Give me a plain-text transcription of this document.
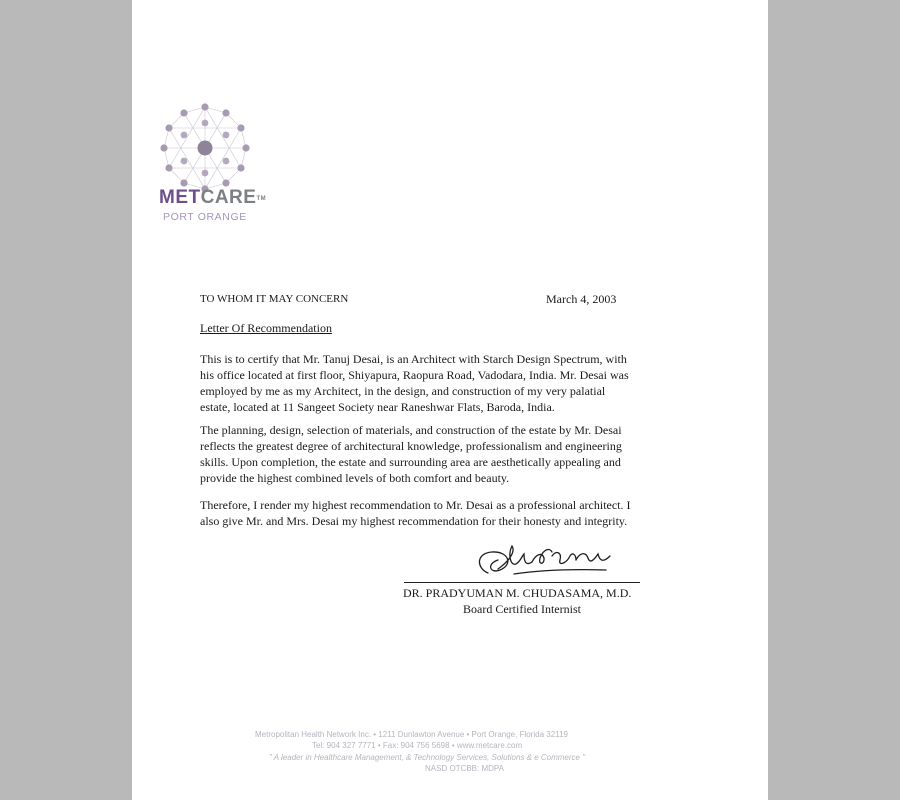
METCARE™

PORT ORANGE

TO WHOM IT MAY CONCERN	March 4, 2003

Letter Of Recommendation

This is to certify that Mr. Tanuj Desai, is an Architect with Starch Design Spectrum, with his office located at first floor, Shiyapura, Raopura Road, Vadodara, India. Mr. Desai was employed by me as my Architect, in the design, and construction of my very palatial estate, located at 11 Sangeet Society near Raneshwar Flats, Baroda, India.

The planning, design, selection of materials, and construction of the estate by Mr. Desai reflects the greatest degree of architectural knowledge, professionalism and engineering skills. Upon completion, the estate and surrounding area are aesthetically appealing and provide the highest combined levels of both comfort and beauty.

Therefore, I render my highest recommendation to Mr. Desai as a professional architect. I also give Mr. and Mrs. Desai my highest recommendation for their honesty and integrity.

DR. PRADYUMAN M. CHUDASAMA, M.D.

Board Certified Internist

Metropolitan Health Network Inc. • 1211 Dunlawton Avenue • Port Orange, Florida 32119

Tel: 904 327 7771 • Fax: 904 756 5698 • www.metcare.com

" A leader in Healthcare Management, & Technology Services, Solutions & e Commerce "

NASD OTCBB: MDPA
